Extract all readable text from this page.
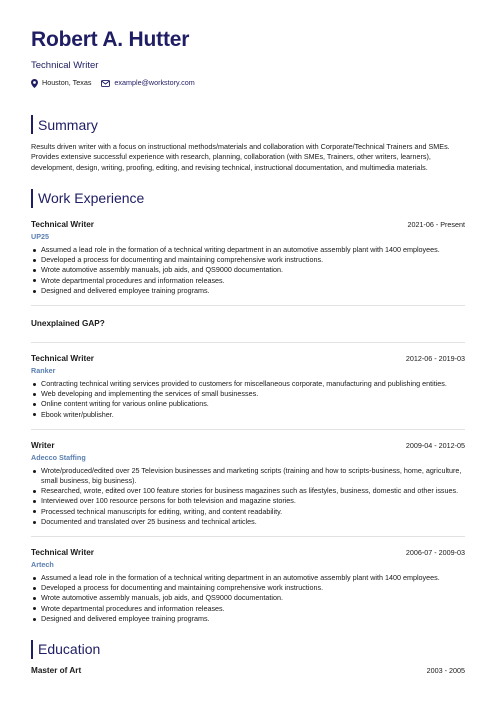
Robert A. Hutter
Technical Writer
Houston, Texas	example@workstory.com
Summary
Results driven writer with a focus on instructional methods/materials and collaboration with Corporate/Technical Trainers and SMEs. Provides extensive successful experience with research, planning, collaboration (with SMEs, Trainers, other writers, learners), development, design, writing, proofing, editing, and revising technical, instructional documentation, and multimedia materials.
Work Experience
Technical Writer	2021-06 - Present
UP25
Assumed a lead role in the formation of a technical writing department in an automotive assembly plant with 1400 employees.
Developed a process for documenting and maintaining comprehensive work instructions.
Wrote automotive assembly manuals, job aids, and QS9000 documentation.
Wrote departmental procedures and information releases.
Designed and delivered employee training programs.
Unexplained GAP?
Technical Writer	2012-06 - 2019-03
Ranker
Contracting technical writing services provided to customers for miscellaneous corporate, manufacturing and publishing entities.
Web developing and implementing the services of small businesses.
Online content writing for various online publications.
Ebook writer/publisher.
Writer	2009-04 - 2012-05
Adecco Staffing
Wrote/produced/edited over 25 Television businesses and marketing scripts (training and how to scripts-business, home, agriculture, small business, big business).
Researched, wrote, edited over 100 feature stories for business magazines such as lifestyles, business, domestic and other issues.
Interviewed over 100 resource persons for both television and magazine stories.
Processed technical manuscripts for editing, writing, and content readability.
Documented and translated over 25 business and technical articles.
Technical Writer	2006-07 - 2009-03
Artech
Assumed a lead role in the formation of a technical writing department in an automotive assembly plant with 1400 employees.
Developed a process for documenting and maintaining comprehensive work instructions.
Wrote automotive assembly manuals, job aids, and QS9000 documentation.
Wrote departmental procedures and information releases.
Designed and delivered employee training programs.
Education
Master of Art	2003 - 2005
